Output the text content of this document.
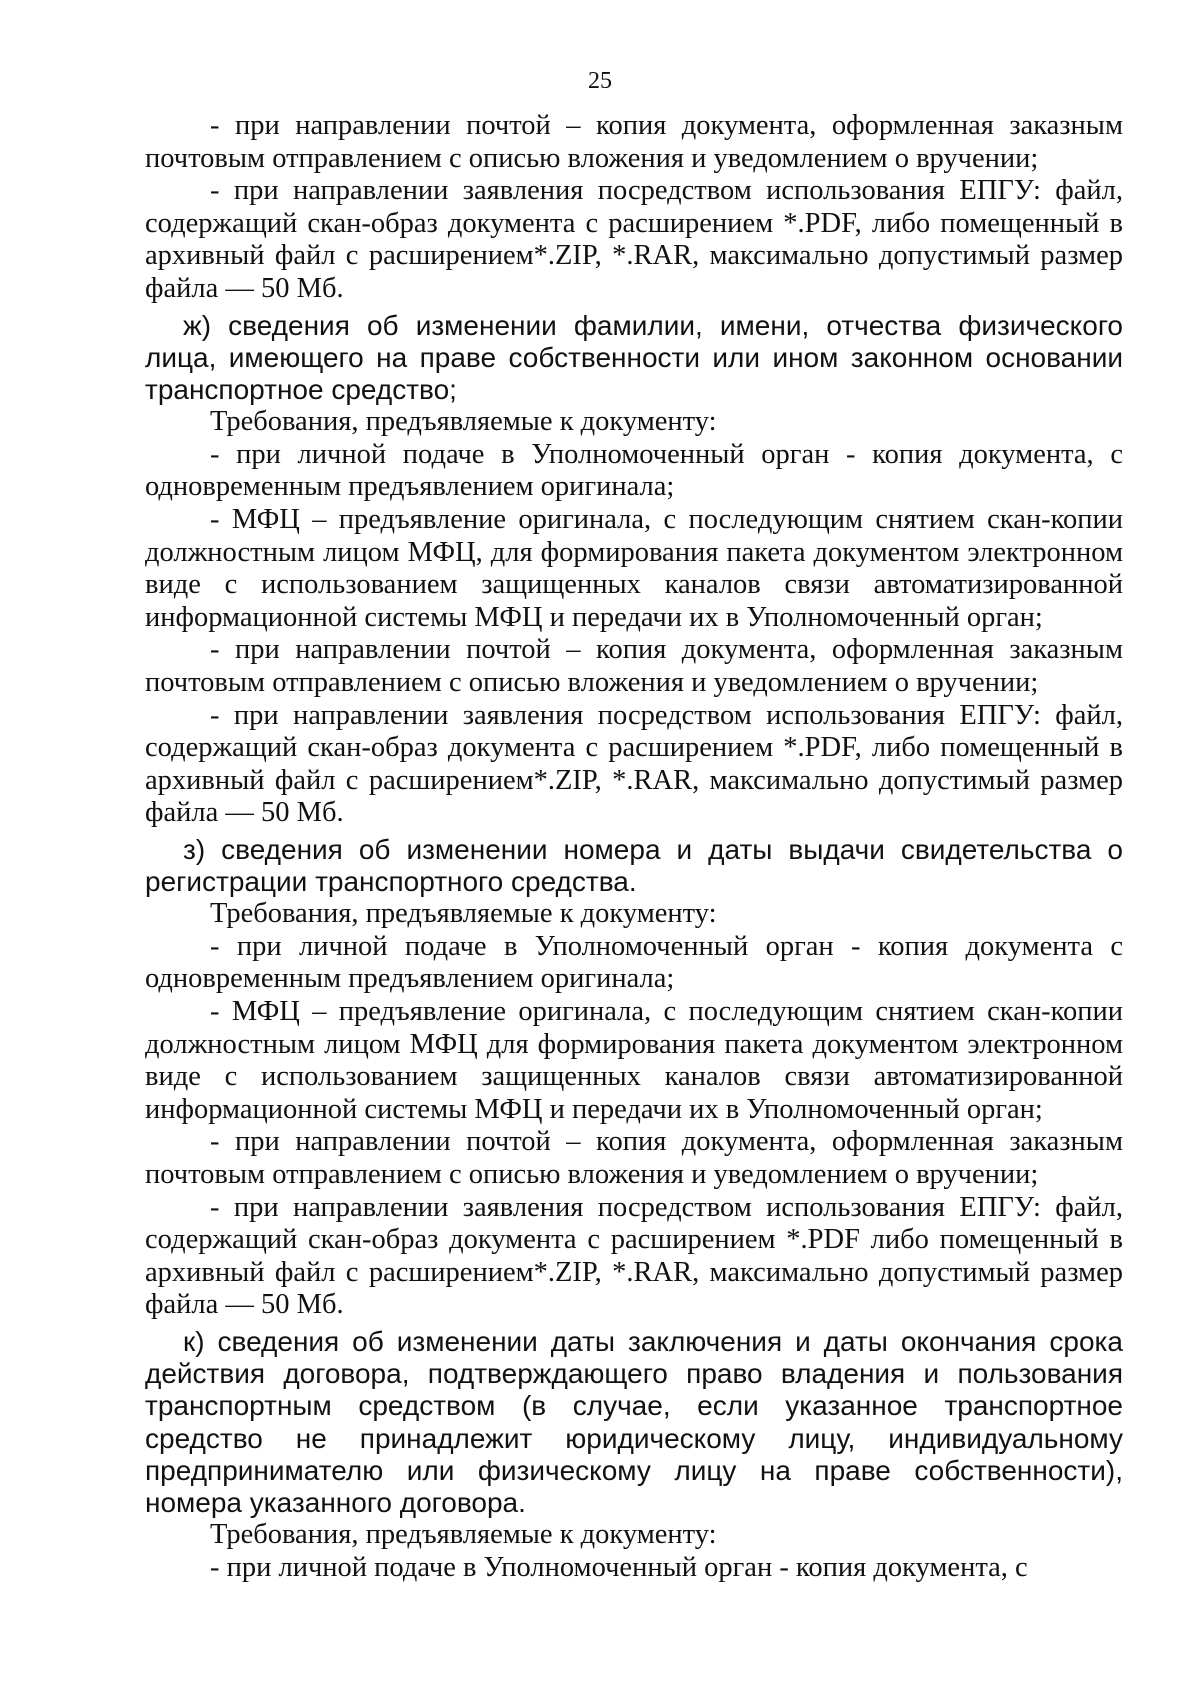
25

- при направлении почтой – копия документа, оформленная заказным почтовым отправлением с описью вложения и уведомлением о вручении;

- при направлении заявления посредством использования ЕПГУ: файл, содержащий скан-образ документа с расширением *.PDF, либо помещенный в архивный файл с расширением*.ZIP, *.RAR, максимально допустимый размер файла — 50 Мб.

ж) сведения об изменении фамилии, имени, отчества физического лица, имеющего на праве собственности или ином законном основании транспортное средство;

Требования, предъявляемые к документу:

- при личной подаче в Уполномоченный орган - копия документа, с одновременным предъявлением оригинала;

- МФЦ – предъявление оригинала, с последующим снятием скан-копии должностным лицом МФЦ, для формирования пакета документом электронном виде с использованием защищенных каналов связи автоматизированной информационной системы МФЦ и передачи их в Уполномоченный орган;

- при направлении почтой – копия документа, оформленная заказным почтовым отправлением с описью вложения и уведомлением о вручении;

- при направлении заявления посредством использования ЕПГУ: файл, содержащий скан-образ документа с расширением *.PDF, либо помещенный в архивный файл с расширением*.ZIP, *.RAR, максимально допустимый размер файла — 50 Мб.

з) сведения об изменении номера и даты выдачи свидетельства о регистрации транспортного средства.

Требования, предъявляемые к документу:

- при личной подаче в Уполномоченный орган - копия документа с одновременным предъявлением оригинала;

- МФЦ – предъявление оригинала, с последующим снятием скан-копии должностным лицом МФЦ для формирования пакета документом электронном виде с использованием защищенных каналов связи автоматизированной информационной системы МФЦ и передачи их в Уполномоченный орган;

- при направлении почтой – копия документа, оформленная заказным почтовым отправлением с описью вложения и уведомлением о вручении;

- при направлении заявления посредством использования ЕПГУ: файл, содержащий скан-образ документа с расширением *.PDF либо помещенный в архивный файл с расширением*.ZIP, *.RAR, максимально допустимый размер файла — 50 Мб.

к) сведения об изменении даты заключения и даты окончания срока действия договора, подтверждающего право владения и пользования транспортным средством (в случае, если указанное транспортное средство не принадлежит юридическому лицу, индивидуальному предпринимателю или физическому лицу на праве собственности), номера указанного договора.

Требования, предъявляемые к документу:

- при личной подаче в Уполномоченный орган - копия документа, с
